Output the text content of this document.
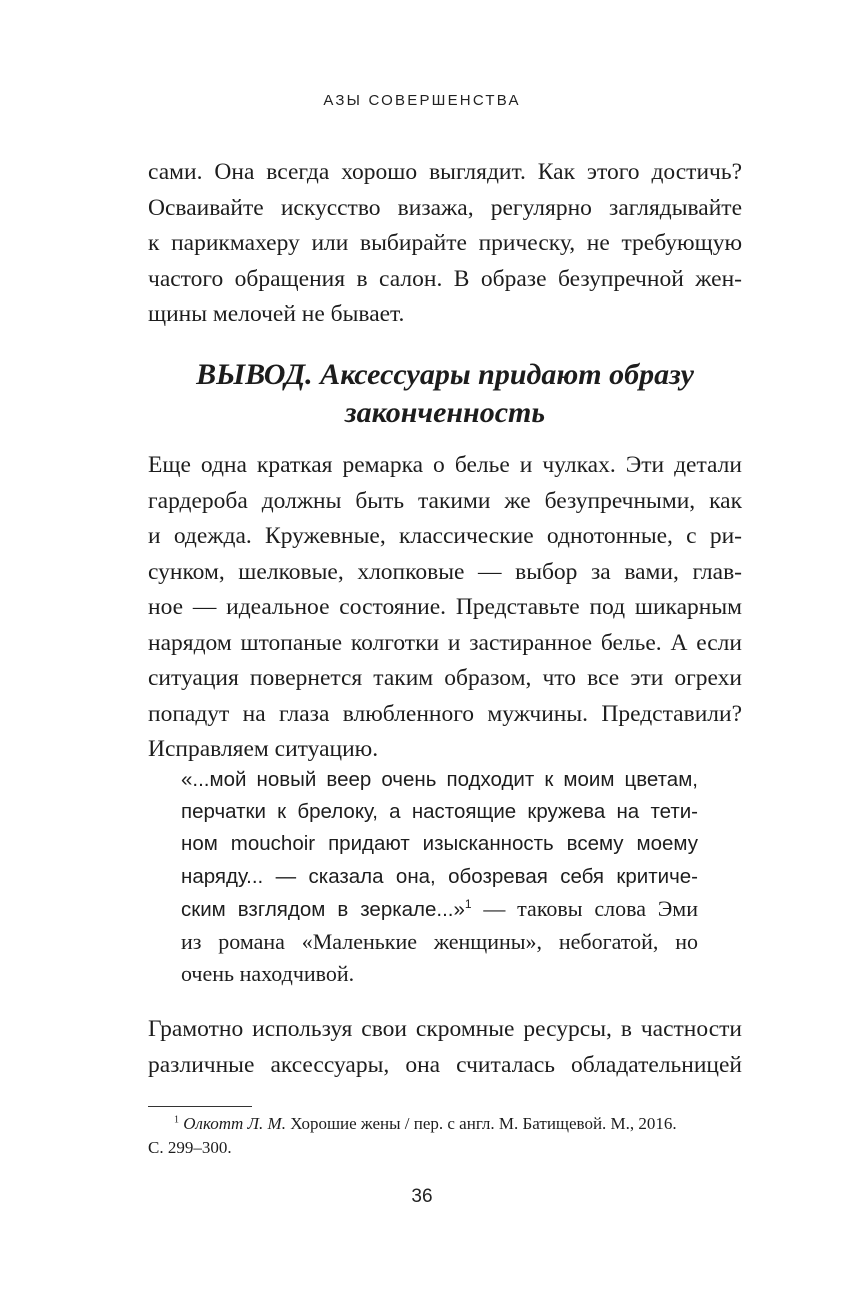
АЗЫ СОВЕРШЕНСТВА
сами. Она всегда хорошо выглядит. Как этого достичь?
Осваивайте искусство визажа, регулярно заглядывайте
к парикмахеру или выбирайте прическу, не требующую
частого обращения в салон. В образе безупречной жен-
щины мелочей не бывает.
ВЫВОД. Аксессуары придают образу
законченность
Еще одна краткая ремарка о белье и чулках. Эти детали
гардероба должны быть такими же безупречными, как
и одежда. Кружевные, классические однотонные, с ри-
сунком, шелковые, хлопковые — выбор за вами, глав-
ное — идеальное состояние. Представьте под шикарным
нарядом штопаные колготки и застиранное белье. А если
ситуация повернется таким образом, что все эти огрехи
попадут на глаза влюбленного мужчины. Представили?
Исправляем ситуацию.
«...мой новый веер очень подходит к моим цветам,
перчатки к брелоку, а настоящие кружева на тети-
ном mouchoir придают изысканность всему моему
наряду... — сказала она, обозревая себя критиче-
ским взглядом в зеркале...»$^1$ — таковы слова Эми
из романа «Маленькие женщины», небогатой, но
очень находчивой.
Грамотно используя свои скромные ресурсы, в частности
различные аксессуары, она считалась обладательницей
$^1$ Олкотт Л. М. Хорошие жены / пер. с англ. М. Батищевой. М., 2016.
С. 299–300.
36
